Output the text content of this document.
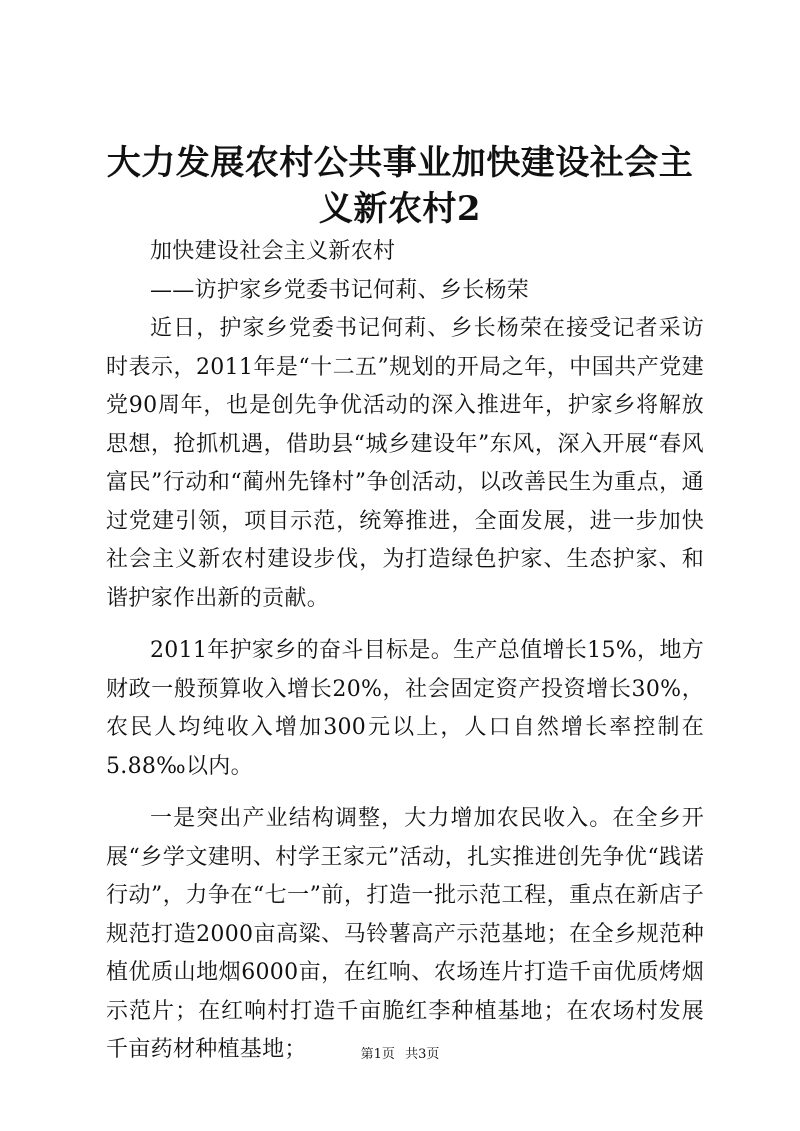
大力发展农村公共事业加快建设社会主义新农村2

加快建设社会主义新农村

——访护家乡党委书记何莉、乡长杨荣

近日，护家乡党委书记何莉、乡长杨荣在接受记者采访时表示，2011年是“十二五”规划的开局之年，中国共产党建党90周年，也是创先争优活动的深入推进年，护家乡将解放思想，抢抓机遇，借助县“城乡建设年”东风，深入开展“春风富民”行动和“蔺州先锋村”争创活动，以改善民生为重点，通过党建引领，项目示范，统筹推进，全面发展，进一步加快社会主义新农村建设步伐，为打造绿色护家、生态护家、和谐护家作出新的贡献。

2011年护家乡的奋斗目标是。生产总值增长15%，地方财政一般预算收入增长20%，社会固定资产投资增长30%，农民人均纯收入增加300元以上，人口自然增长率控制在5.88‰以内。

一是突出产业结构调整，大力增加农民收入。在全乡开展“乡学文建明、村学王家元”活动，扎实推进创先争优“践诺行动”，力争在“七一”前，打造一批示范工程，重点在新店子规范打造2000亩高粱、马铃薯高产示范基地；在全乡规范种植优质山地烟6000亩，在红响、农场连片打造千亩优质烤烟示范片；在红响村打造千亩脆红李种植基地；在农场村发展千亩药材种植基地；	第1页 共3页
